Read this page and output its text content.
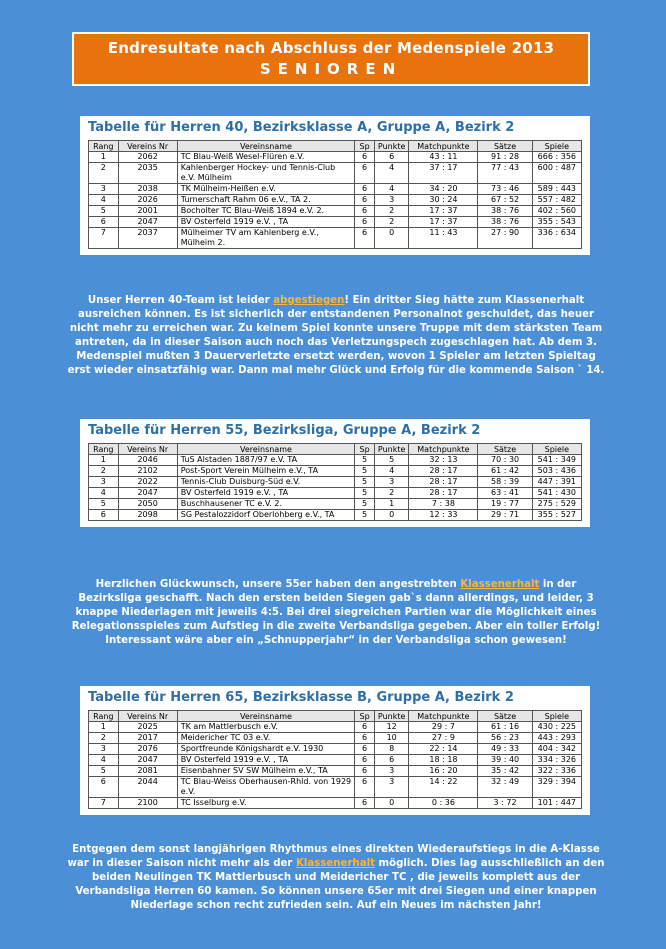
Endresultate nach Abschluss der Medenspiele 2013
SENIOREN
Tabelle für Herren 40, Bezirksklasse A, Gruppe A, Bezirk 2
Rang	Vereins Nr	Vereinsname	Sp	Punkte	Matchpunkte	Sätze	Spiele
1	2062	TC Blau-Weiß Wesel-Flüren e.V.	6	6	43 : 11	91 : 28	666 : 356
2	2035	Kahlenberger Hockey- und Tennis-Club e.V. Mülheim	6	4	37 : 17	77 : 43	600 : 487
3	2038	TK Mülheim-Heißen e.V.	6	4	34 : 20	73 : 46	589 : 443
4	2026	Turnerschaft Rahm 06 e.V., TA 2.	6	3	30 : 24	67 : 52	557 : 482
5	2001	Bocholter TC Blau-Weiß 1894 e.V. 2.	6	2	17 : 37	38 : 76	402 : 560
6	2047	BV Osterfeld 1919 e.V. , TA	6	2	17 : 37	38 : 76	355 : 543
7	2037	Mülheimer TV am Kahlenberg e.V., Mülheim 2.	6	0	11 : 43	27 : 90	336 : 634
Unser Herren 40-Team ist leider abgestiegen! Ein dritter Sieg hätte zum Klassenerhalt ausreichen können. Es ist sicherlich der entstandenen Personalnot geschuldet, das heuer nicht mehr zu erreichen war. Zu keinem Spiel konnte unsere Truppe mit dem stärksten Team antreten, da in dieser Saison auch noch das Verletzungspech zugeschlagen hat. Ab dem 3. Medenspiel mußten 3 Dauerverletzte ersetzt werden, wovon 1 Spieler am letzten Spieltag erst wieder einsatzfähig war. Dann mal mehr Glück und Erfolg für die kommende Saison ` 14.
Tabelle für Herren 55, Bezirksliga, Gruppe A, Bezirk 2
Rang	Vereins Nr	Vereinsname	Sp	Punkte	Matchpunkte	Sätze	Spiele
1	2046	TuS Alstaden 1887/97 e.V. TA	5	5	32 : 13	70 : 30	541 : 349
2	2102	Post-Sport Verein Mülheim e.V., TA	5	4	28 : 17	61 : 42	503 : 436
3	2022	Tennis-Club Duisburg-Süd e.V.	5	3	28 : 17	58 : 39	447 : 391
4	2047	BV Osterfeld 1919 e.V. , TA	5	2	28 : 17	63 : 41	541 : 430
5	2050	Buschhausener TC e.V. 2.	5	1	7 : 38	19 : 77	275 : 529
6	2098	SG Pestalozzidorf Oberlohberg e.V., TA	5	0	12 : 33	29 : 71	355 : 527
Herzlichen Glückwunsch, unsere 55er haben den angestrebten Klassenerhalt in der Bezirksliga geschafft. Nach den ersten beiden Siegen gab`s dann allerdings, und leider, 3 knappe Niederlagen mit jeweils 4:5. Bei drei siegreichen Partien war die Möglichkeit eines Relegationsspieles zum Aufstieg in die zweite Verbandsliga gegeben. Aber ein toller Erfolg! Interessant wäre aber ein „Schnupperjahr“ in der Verbandsliga schon gewesen!
Tabelle für Herren 65, Bezirksklasse B, Gruppe A, Bezirk 2
Rang	Vereins Nr	Vereinsname	Sp	Punkte	Matchpunkte	Sätze	Spiele
1	2025	TK am Mattlerbusch e.V.	6	12	29 : 7	61 : 16	430 : 225
2	2017	Meidericher TC 03 e.V.	6	10	27 : 9	56 : 23	443 : 293
3	2076	Sportfreunde Königshardt e.V. 1930	6	8	22 : 14	49 : 33	404 : 342
4	2047	BV Osterfeld 1919 e.V. , TA	6	6	18 : 18	39 : 40	334 : 326
5	2081	Eisenbahner SV SW Mülheim e.V., TA	6	3	16 : 20	35 : 42	322 : 336
6	2044	TC Blau-Weiss Oberhausen-Rhld. von 1929 e.V.	6	3	14 : 22	32 : 49	329 : 394
7	2100	TC Isselburg e.V.	6	0	0 : 36	3 : 72	101 : 447
Entgegen dem sonst langjährigen Rhythmus eines direkten Wiederaufstiegs in die A-Klasse war in dieser Saison nicht mehr als der Klassenerhalt möglich. Dies lag ausschließlich an den beiden Neulingen TK Mattlerbusch und Meidericher TC , die jeweils komplett aus der Verbandsliga Herren 60 kamen. So können unsere 65er mit drei Siegen und einer knappen Niederlage schon recht zufrieden sein. Auf ein Neues im nächsten Jahr!
